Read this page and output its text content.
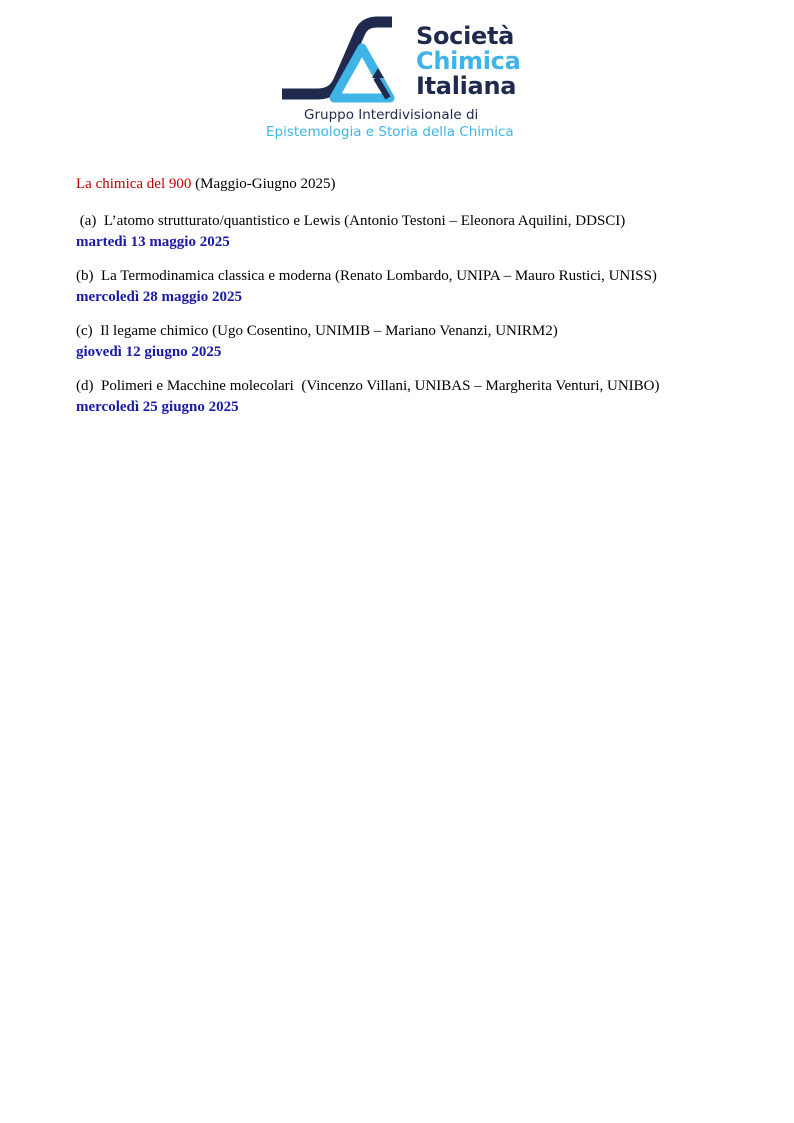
Società
Chimica
Italiana
Gruppo Interdivisionale di
Epistemologia e Storia della Chimica

La chimica del 900 (Maggio-Giugno 2025)

(a)  L’atomo strutturato/quantistico e Lewis (Antonio Testoni – Eleonora Aquilini, DDSCI)
martedì 13 maggio 2025
(b)  La Termodinamica classica e moderna (Renato Lombardo, UNIPA – Mauro Rustici, UNISS)
mercoledì 28 maggio 2025
(c)  Il legame chimico (Ugo Cosentino, UNIMIB – Mariano Venanzi, UNIRM2)
giovedì 12 giugno 2025
(d)  Polimeri e Macchine molecolari  (Vincenzo Villani, UNIBAS – Margherita Venturi, UNIBO)
mercoledì 25 giugno 2025
